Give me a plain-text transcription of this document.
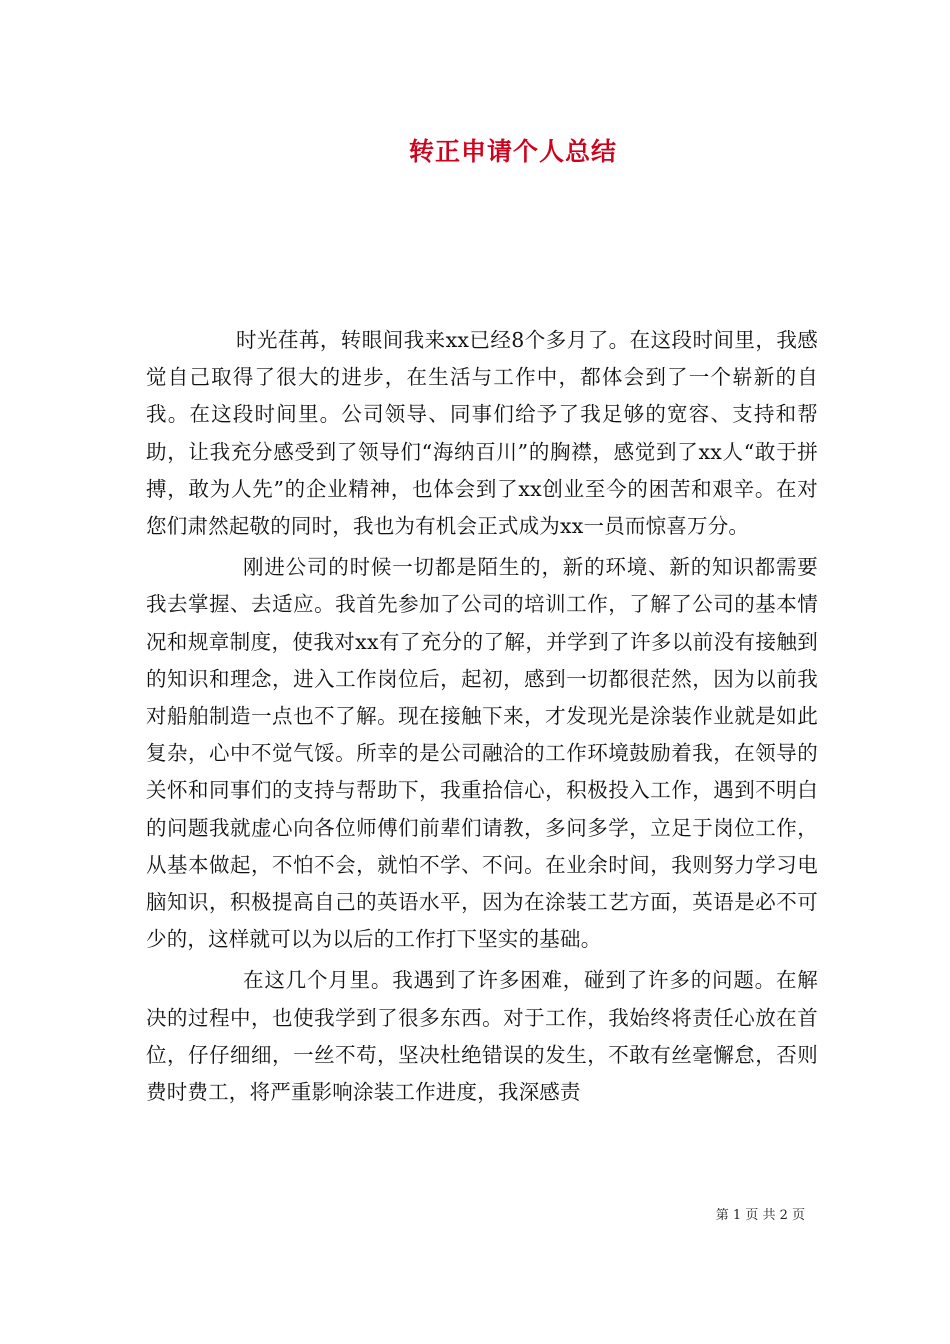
转正申请个人总结

时光荏苒，转眼间我来xx已经8个多月了。在这段时间里，我感觉自己取得了很大的进步，在生活与工作中，都体会到了一个崭新的自我。在这段时间里。公司领导、同事们给予了我足够的宽容、支持和帮助，让我充分感受到了领导们“海纳百川”的胸襟，感觉到了xx人“敢于拼搏，敢为人先”的企业精神，也体会到了xx创业至今的困苦和艰辛。在对您们肃然起敬的同时，我也为有机会正式成为xx一员而惊喜万分。

刚进公司的时候一切都是陌生的，新的环境、新的知识都需要我去掌握、去适应。我首先参加了公司的培训工作，了解了公司的基本情况和规章制度，使我对xx有了充分的了解，并学到了许多以前没有接触到的知识和理念，进入工作岗位后，起初，感到一切都很茫然，因为以前我对船舶制造一点也不了解。现在接触下来，才发现光是涂装作业就是如此复杂，心中不觉气馁。所幸的是公司融洽的工作环境鼓励着我，在领导的关怀和同事们的支持与帮助下，我重拾信心，积极投入工作，遇到不明白的问题我就虚心向各位师傅们前辈们请教，多问多学，立足于岗位工作，从基本做起，不怕不会，就怕不学、不问。在业余时间，我则努力学习电脑知识，积极提高自己的英语水平，因为在涂装工艺方面，英语是必不可少的，这样就可以为以后的工作打下坚实的基础。

在这几个月里。我遇到了许多困难，碰到了许多的问题。在解决的过程中，也使我学到了很多东西。对于工作，我始终将责任心放在首位，仔仔细细，一丝不苟，坚决杜绝错误的发生，不敢有丝毫懈怠，否则费时费工，将严重影响涂装工作进度，我深感责

第 1 页 共 2 页
